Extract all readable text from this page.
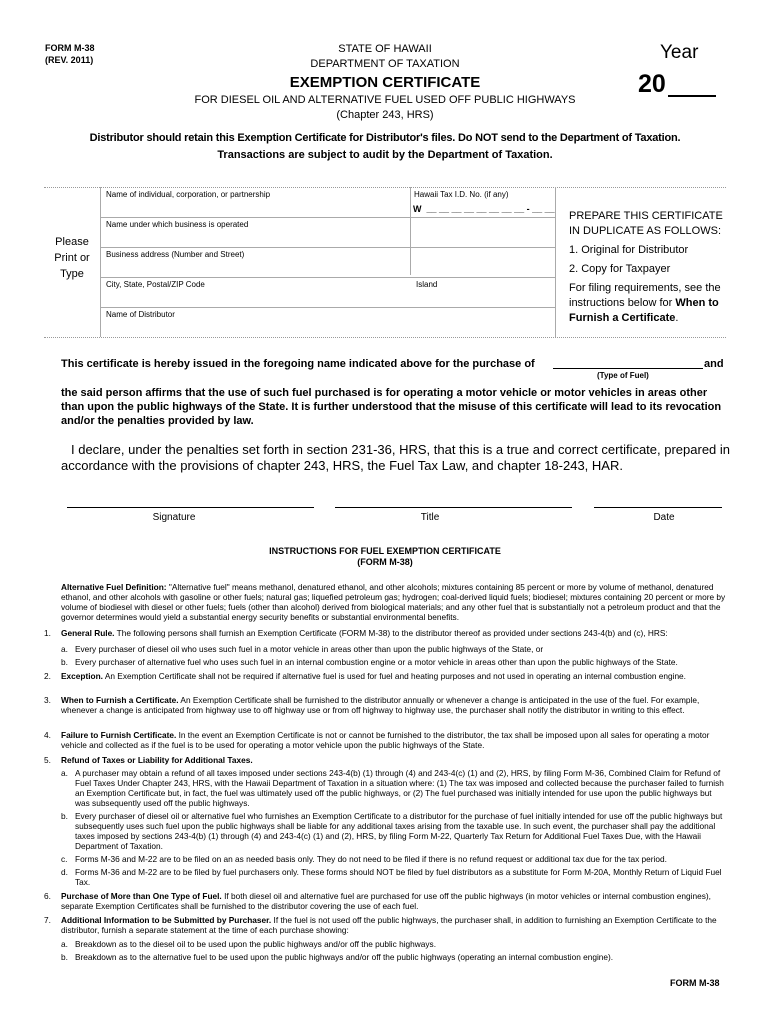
FORM M-38
(REV. 2011)
STATE OF HAWAII
DEPARTMENT OF TAXATION
EXEMPTION CERTIFICATE
FOR DIESEL OIL AND ALTERNATIVE FUEL USED OFF PUBLIC HIGHWAYS
(Chapter 243, HRS)
Year
20
Distributor should retain this Exemption Certificate for Distributor's files. Do NOT send to the Department of Taxation.
Transactions are subject to audit by the Department of Taxation.

Please

Print or

Type

Name of individual, corporation, or partnership	Hawaii Tax I.D. No. (if any)
W  __ __ __ __ __ __ __ __ - __ __
Name under which business is operated
Business address (Number and Street)
City, State, Postal/ZIP Code	Island
Name of Distributor

PREPARE THIS CERTIFICATE

IN DUPLICATE AS FOLLOWS:

1. Original for Distributor

2. Copy for Taxpayer

For filing requirements, see the

instructions below for When to

Furnish a Certificate.

This certificate is hereby issued in the foregoing name indicated above for the purchase of	and
(Type of Fuel)
the said person affirms that the use of such fuel purchased is for operating a motor vehicle or motor vehicles in areas other than upon the public highways of the State. It is further understood that the misuse of this certificate will lead to its revocation and/or the penalties provided by law.
I declare, under the penalties set forth in section 231-36, HRS, that this is a true and correct certificate, prepared in accordance with the provisions of chapter 243, HRS, the Fuel Tax Law, and chapter 18-243, HAR.
Signature	Title	Date
INSTRUCTIONS FOR FUEL EXEMPTION CERTIFICATE
(FORM M-38)
Alternative Fuel Definition: "Alternative fuel" means methanol, denatured ethanol, and other alcohols; mixtures containing 85 percent or more by volume of methanol, denatured ethanol, and other alcohols with gasoline or other fuels; natural gas; liquefied petroleum gas; hydrogen; coal-derived liquid fuels; biodiesel; mixtures containing 20 percent or more by volume of biodiesel with diesel or other fuels; fuels (other than alcohol) derived from biological materials; and any other fuel that is substantially not a petroleum product and that the governor determines would yield a substantial energy security benefits or substantial environmental benefits.
1. General Rule. The following persons shall furnish an Exemption Certificate (FORM M-38) to the distributor thereof as provided under sections 243-4(b) and (c), HRS:
a. Every purchaser of diesel oil who uses such fuel in a motor vehicle in areas other than upon the public highways of the State, or
b. Every purchaser of alternative fuel who uses such fuel in an internal combustion engine or a motor vehicle in areas other than upon the public highways of the State.
2. Exception. An Exemption Certificate shall not be required if alternative fuel is used for fuel and heating purposes and not used in operating an internal combustion engine.
3. When to Furnish a Certificate. An Exemption Certificate shall be furnished to the distributor annually or whenever a change is anticipated in the use of the fuel. For example, whenever a change is anticipated from highway use to off highway use or from off highway to highway use, the purchaser shall notify the distributor in writing to this effect.
4. Failure to Furnish Certificate. In the event an Exemption Certificate is not or cannot be furnished to the distributor, the tax shall be imposed upon all sales for operating a motor vehicle and collected as if the fuel is to be used for operating a motor vehicle upon the public highways of the State.
5. Refund of Taxes or Liability for Additional Taxes.
a. A purchaser may obtain a refund of all taxes imposed under sections 243-4(b) (1) through (4) and 243-4(c) (1) and (2), HRS, by filing Form M-36, Combined Claim for Refund of Fuel Taxes Under Chapter 243, HRS, with the Hawaii Department of Taxation in a situation where: (1) The tax was imposed and collected because the purchaser failed to furnish an Exemption Certificate but, in fact, the fuel was ultimately used off the public highways, or (2) The fuel purchased was initially intended for use upon the public highways but was subsequently used off the public highways.
b. Every purchaser of diesel oil or alternative fuel who furnishes an Exemption Certificate to a distributor for the purchase of fuel initially intended for use off the public highways but subsequently uses such fuel upon the public highways shall be liable for any additional taxes arising from the taxable use. In such event, the purchaser shall pay the additional taxes imposed by sections 243-4(b) (1) through (4) and 243-4(c) (1) and (2), HRS, by filing Form M-22, Quarterly Tax Return for Additional Fuel Taxes Due, with the Hawaii Department of Taxation.
c. Forms M-36 and M-22 are to be filed on an as needed basis only. They do not need to be filed if there is no refund request or additional tax due for the tax period.
d. Forms M-36 and M-22 are to be filed by fuel purchasers only. These forms should NOT be filed by fuel distributors as a substitute for Form M-20A, Monthly Return of Liquid Fuel Tax.
6. Purchase of More than One Type of Fuel. If both diesel oil and alternative fuel are purchased for use off the public highways (in motor vehicles or internal combustion engines), separate Exemption Certificates shall be furnished to the distributor covering the use of each fuel.
7. Additional Information to be Submitted by Purchaser. If the fuel is not used off the public highways, the purchaser shall, in addition to furnishing an Exemption Certificate to the distributor, furnish a separate statement at the time of each purchase showing:
a. Breakdown as to the diesel oil to be used upon the public highways and/or off the public highways.
b. Breakdown as to the alternative fuel to be used upon the public highways and/or off the public highways (operating an internal combustion engine).
FORM M-38
